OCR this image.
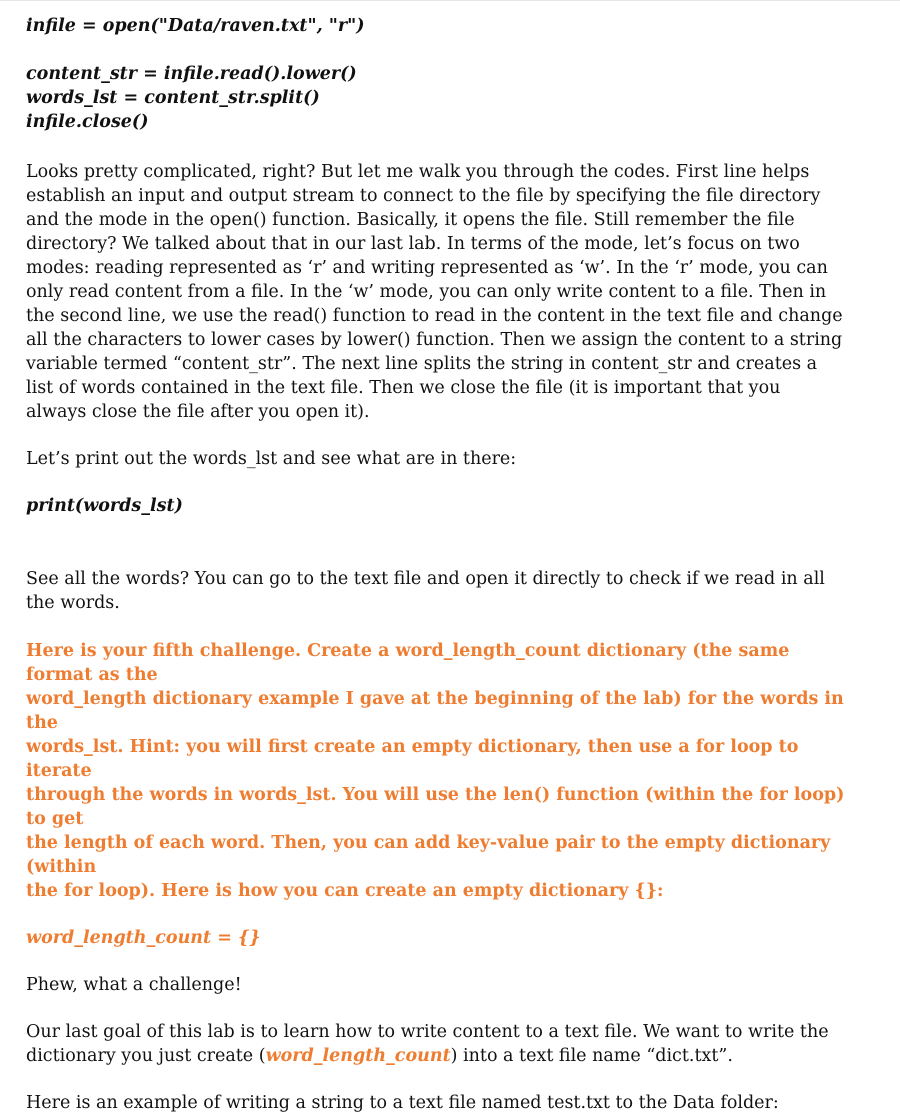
infile = open("Data/raven.txt", "r")

content_str = infile.read().lower()

words_lst = content_str.split()

infile.close()

Looks pretty complicated, right? But let me walk you through the codes. First line helps

establish an input and output stream to connect to the file by specifying the file directory

and the mode in the open() function. Basically, it opens the file. Still remember the file

directory? We talked about that in our last lab. In terms of the mode, let’s focus on two

modes: reading represented as ‘r’ and writing represented as ‘w’. In the ‘r’ mode, you can

only read content from a file. In the ‘w’ mode, you can only write content to a file. Then in

the second line, we use the read() function to read in the content in the text file and change

all the characters to lower cases by lower() function. Then we assign the content to a string

variable termed “content_str”. The next line splits the string in content_str and creates a

list of words contained in the text file. Then we close the file (it is important that you

always close the file after you open it).

Let’s print out the words_lst and see what are in there:

print(words_lst)

See all the words? You can go to the text file and open it directly to check if we read in all

the words.

Here is your fifth challenge. Create a word_length_count dictionary (the same format as the

word_length dictionary example I gave at the beginning of the lab) for the words in the

words_lst. Hint: you will first create an empty dictionary, then use a for loop to iterate

through the words in words_lst. You will use the len() function (within the for loop) to get

the length of each word. Then, you can add key-value pair to the empty dictionary (within

the for loop). Here is how you can create an empty dictionary {}:

word_length_count = {}

Phew, what a challenge!

Our last goal of this lab is to learn how to write content to a text file. We want to write the

dictionary you just create (word_length_count) into a text file name “dict.txt”.

Here is an example of writing a string to a text file named test.txt to the Data folder:
